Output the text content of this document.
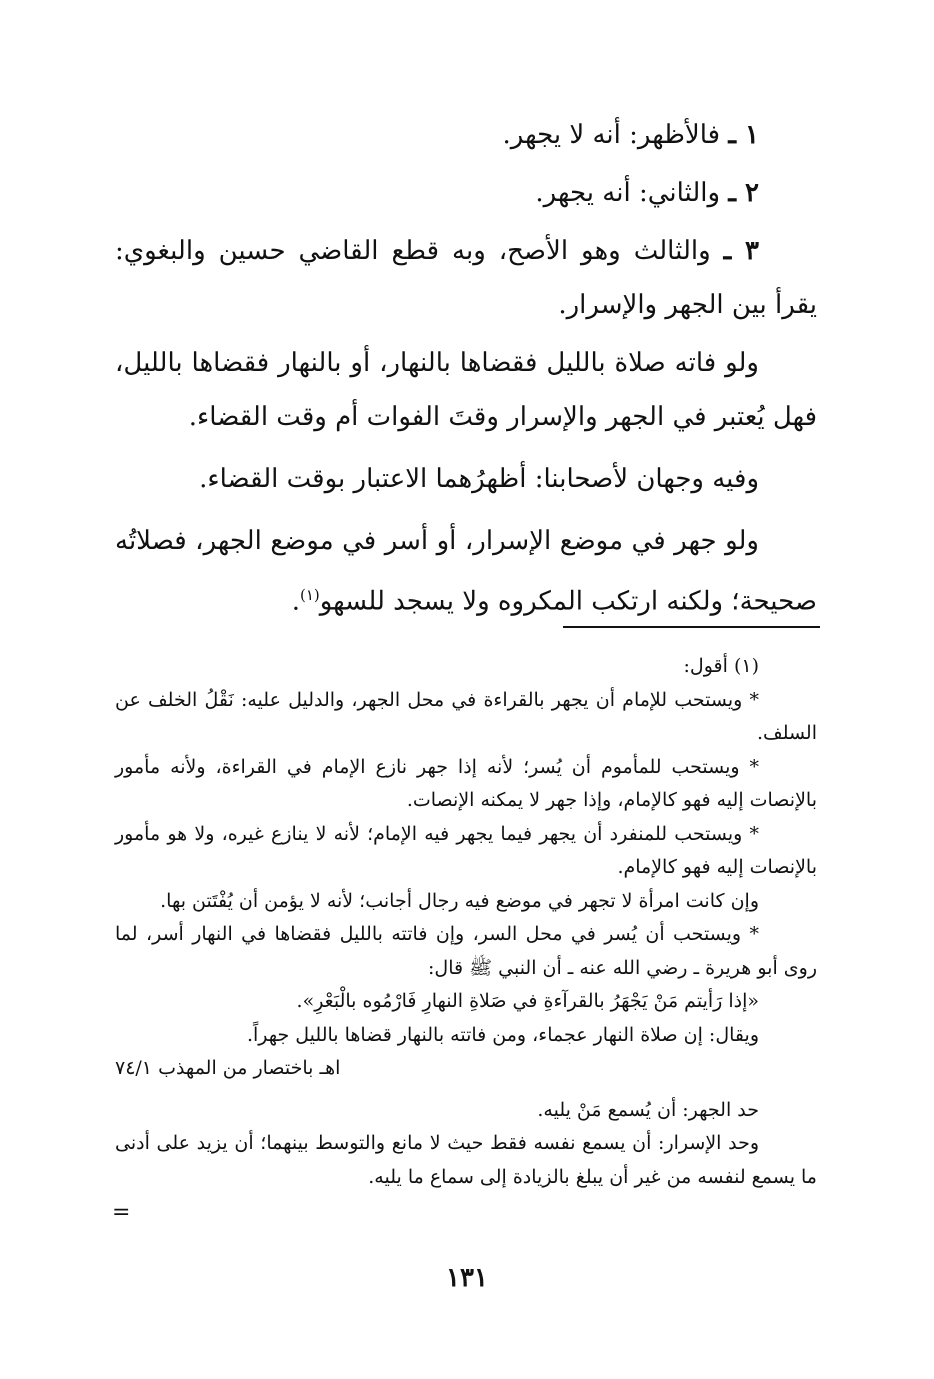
١ ـ فالأظهر: أنه لا يجهر.

٢ ـ والثاني: أنه يجهر.

٣ ـ والثالث وهو الأصح، وبه قطع القاضي حسين والبغوي: يقرأ بين الجهر والإسرار.

ولو فاته صلاة بالليل فقضاها بالنهار، أو بالنهار فقضاها بالليل، فهل يُعتبر في الجهر والإسرار وقتَ الفوات أم وقت القضاء.

وفيه وجهان لأصحابنا: أظهرُهما الاعتبار بوقت القضاء.

ولو جهر في موضع الإسرار، أو أسر في موضع الجهر، فصلاتُه صحيحة؛ ولكنه ارتكب المكروه ولا يسجد للسهو$^{(١)}$.

(١) أقول:

* ويستحب للإمام أن يجهر بالقراءة في محل الجهر، والدليل عليه: نَقْلُ الخلف عن السلف.

* ويستحب للمأموم أن يُسر؛ لأنه إذا جهر نازع الإمام في القراءة، ولأنه مأمور بالإنصات إليه فهو كالإمام، وإذا جهر لا يمكنه الإنصات.

* ويستحب للمنفرد أن يجهر فيما يجهر فيه الإمام؛ لأنه لا ينازع غيره، ولا هو مأمور بالإنصات إليه فهو كالإمام.

وإن كانت امرأة لا تجهر في موضع فيه رجال أجانب؛ لأنه لا يؤمن أن يُفْتَتن بها.

* ويستحب أن يُسر في محل السر، وإن فاتته بالليل فقضاها في النهار أسر، لما روى أبو هريرة ـ رضي الله عنه ـ أن النبي ﷺ قال:

«إذا رَأيتم مَنْ يَجْهَرُ بالقرآءةِ في صَلاةِ النهارِ فَارْمُوه بالْبَعْرِ».

ويقال: إن صلاة النهار عجماء، ومن فاتته بالنهار قضاها بالليل جهراً.

اهـ باختصار من المهذب ٧٤/١

حد الجهر: أن يُسمع مَنْ يليه.

وحد الإسرار: أن يسمع نفسه فقط حيث لا مانع والتوسط بينهما؛ أن يزيد على أدنى ما يسمع لنفسه من غير أن يبلغ بالزيادة إلى سماع ما يليه.

=
١٣١
